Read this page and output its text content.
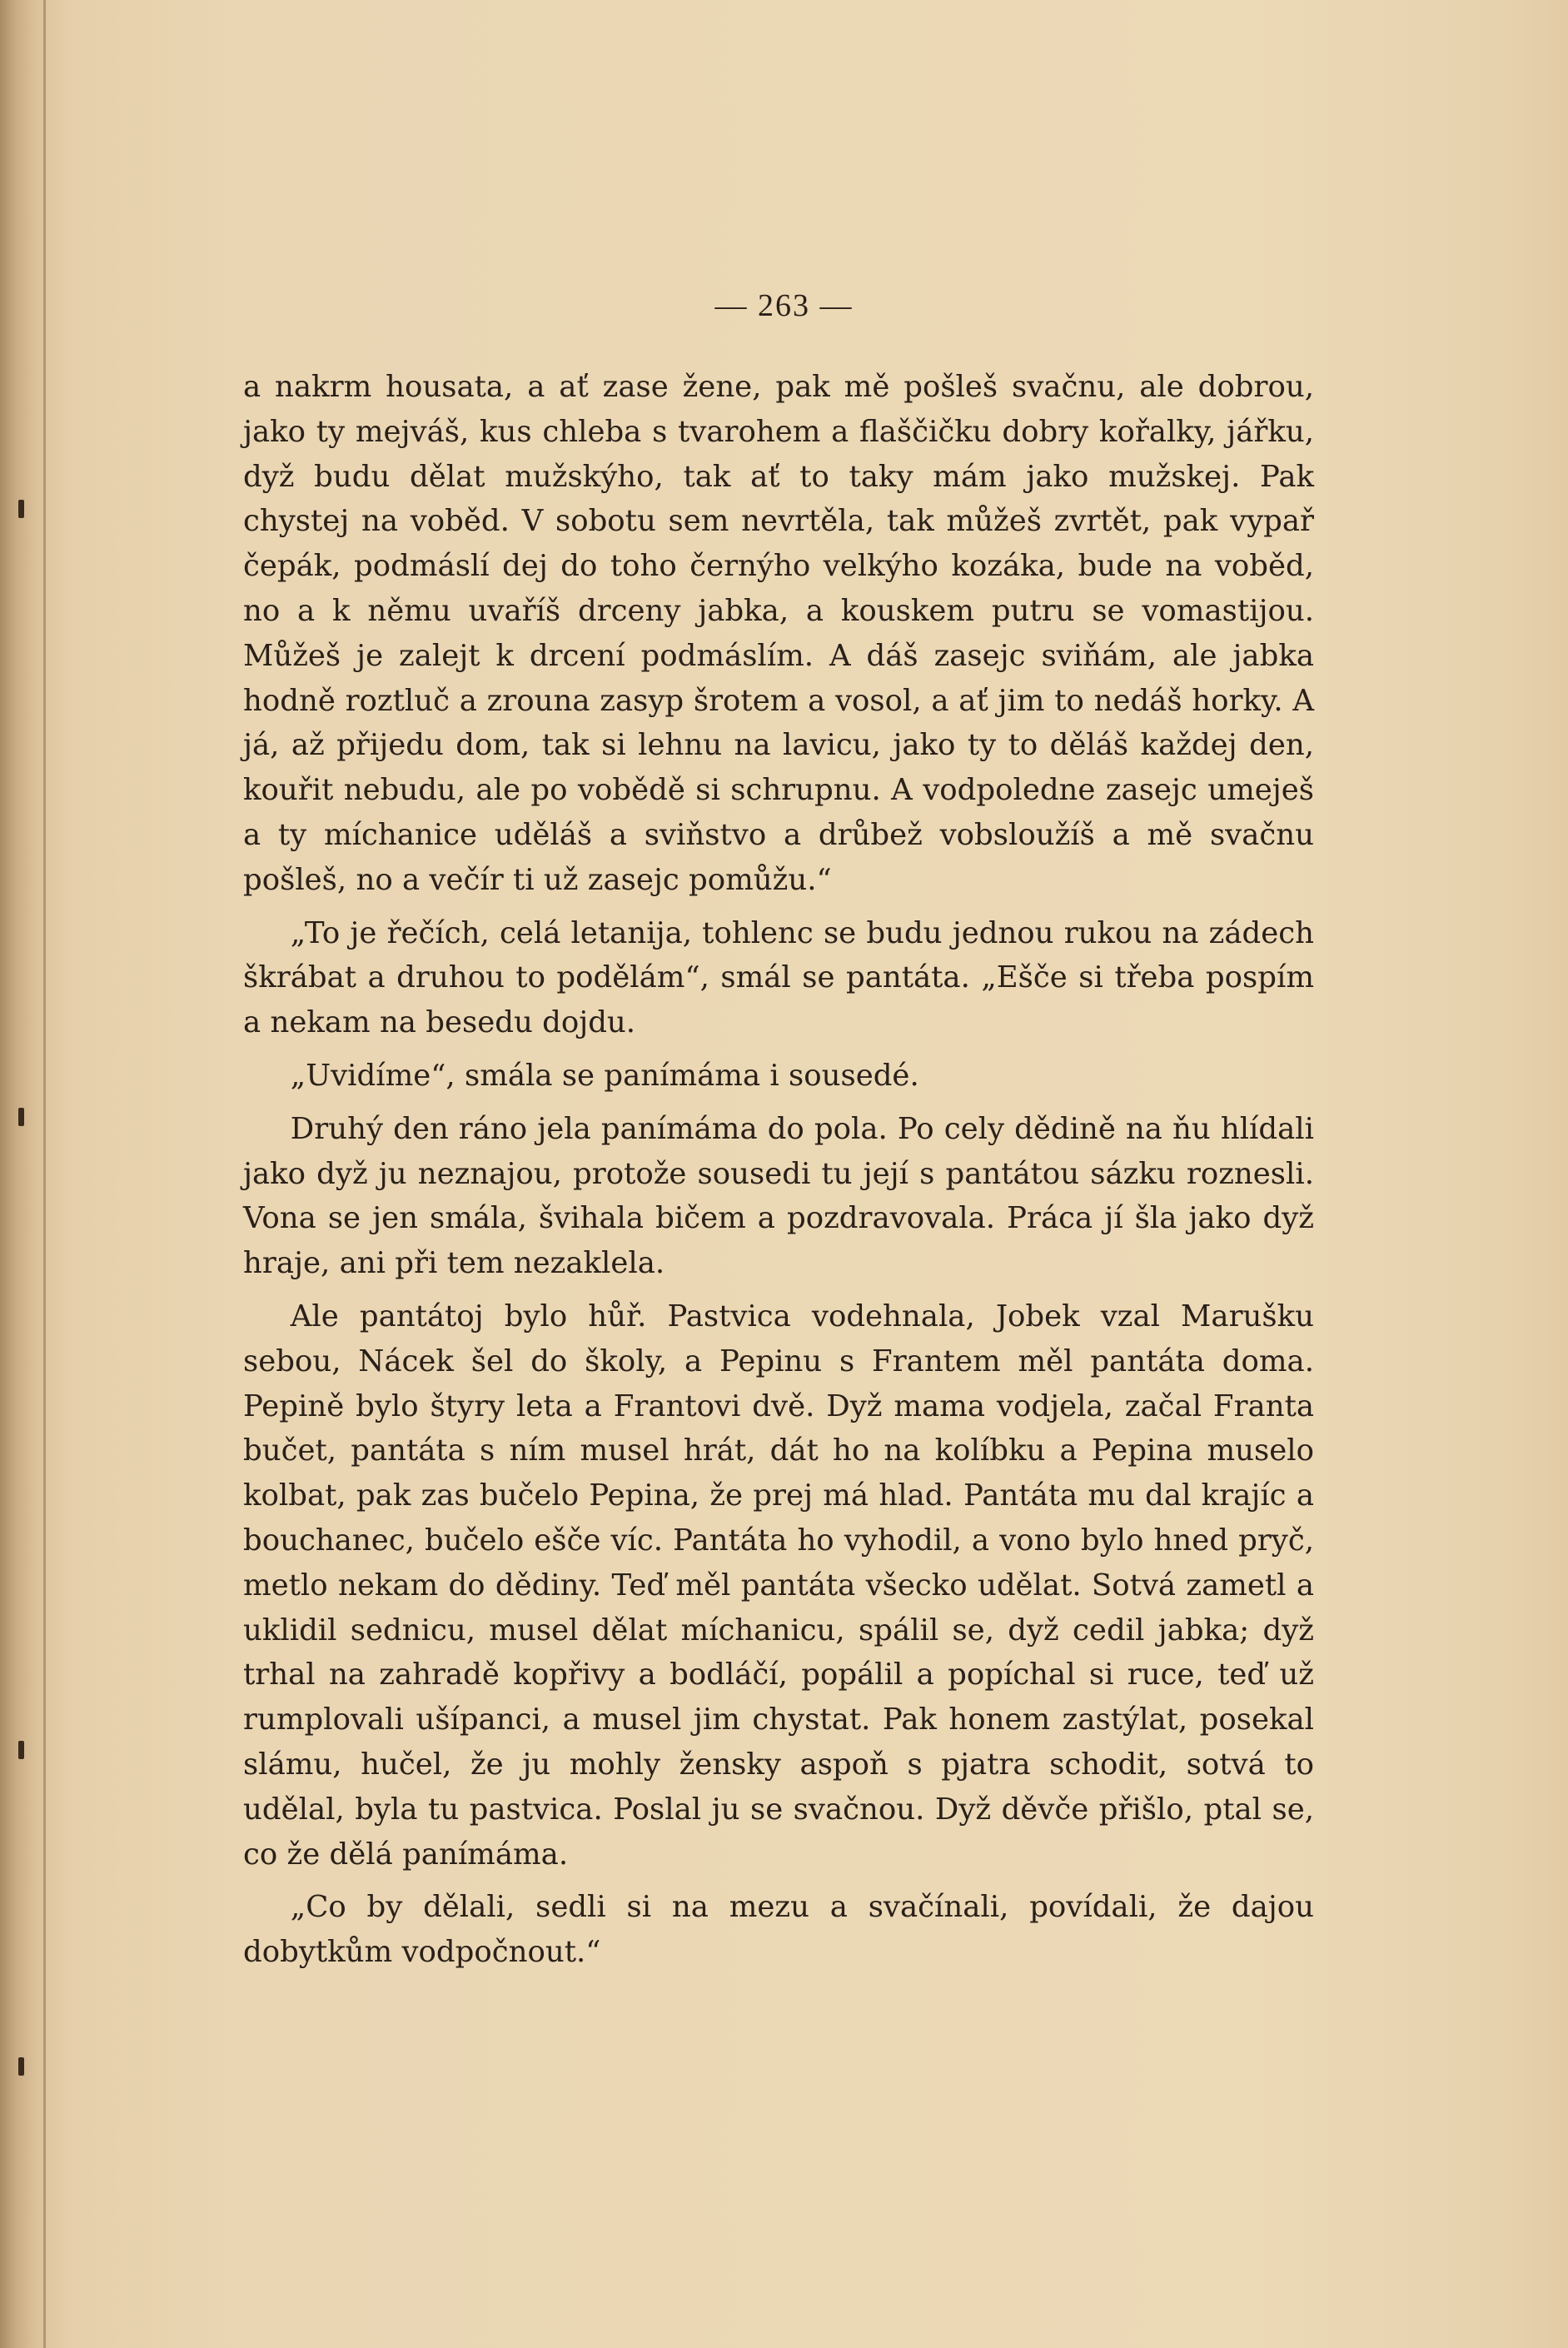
— 263 —

a nakrm housata, a ať zase žene, pak mě pošleš svačnu, ale dobrou, jako ty mejváš, kus chleba s tvarohem a flaščičku dobry kořalky, jářku, dyž budu dělat mužskýho, tak ať to taky mám jako mužskej. Pak chystej na voběd. V sobotu sem nevrtěla, tak můžeš zvrtět, pak vypař čepák, podmáslí dej do toho černýho velkýho kozáka, bude na voběd, no a k němu uvaříš drceny jabka, a kouskem putru se vomastijou. Můžeš je zalejt k drcení podmáslím. A dáš zasejc sviňám, ale jabka hodně roztluč a zrouna zasyp šrotem a vosol, a ať jim to nedáš horky. A já, až přijedu dom, tak si lehnu na lavicu, jako ty to děláš každej den, kouřit nebudu, ale po vobědě si schrupnu. A vodpoledne zasejc umeješ a ty míchanice uděláš a sviňstvo a drůbež vobsloužíš a mě svačnu pošleš, no a večír ti už zasejc pomůžu.“

„To je řečích, celá letanija, tohlenc se budu jednou rukou na zádech škrábat a druhou to podělám“, smál se pantáta. „Ešče si třeba pospím a nekam na besedu dojdu.

„Uvidíme“, smála se panímáma i sousedé.

Druhý den ráno jela panímáma do pola. Po cely dědině na ňu hlídali jako dyž ju neznajou, protože sousedi tu její s pantátou sázku roznesli. Vona se jen smála, švihala bičem a pozdravovala. Práca jí šla jako dyž hraje, ani při tem nezaklela.

Ale pantátoj bylo hůř. Pastvica vodehnala, Jobek vzal Marušku sebou, Nácek šel do školy, a Pepinu s Frantem měl pantáta doma. Pepině bylo štyry leta a Frantovi dvě. Dyž mama vodjela, začal Franta bučet, pantáta s ním musel hrát, dát ho na kolíbku a Pepina muselo kolbat, pak zas bučelo Pepina, že prej má hlad. Pantáta mu dal krajíc a bouchanec, bučelo ešče víc. Pantáta ho vyhodil, a vono bylo hned pryč, metlo nekam do dědiny. Teď měl pantáta všecko udělat. Sotvá zametl a uklidil sednicu, musel dělat míchanicu, spálil se, dyž cedil jabka; dyž trhal na zahradě kopřivy a bodláčí, popálil a popíchal si ruce, teď už rumplovali ušípanci, a musel jim chystat. Pak honem zastýlat, posekal slámu, hučel, že ju mohly žensky aspoň s pjatra schodit, sotvá to udělal, byla tu pastvica. Poslal ju se svačnou. Dyž děvče přišlo, ptal se, co že dělá panímáma.

„Co by dělali, sedli si na mezu a svačínali, povídali, že dajou dobytkům vodpočnout.“
